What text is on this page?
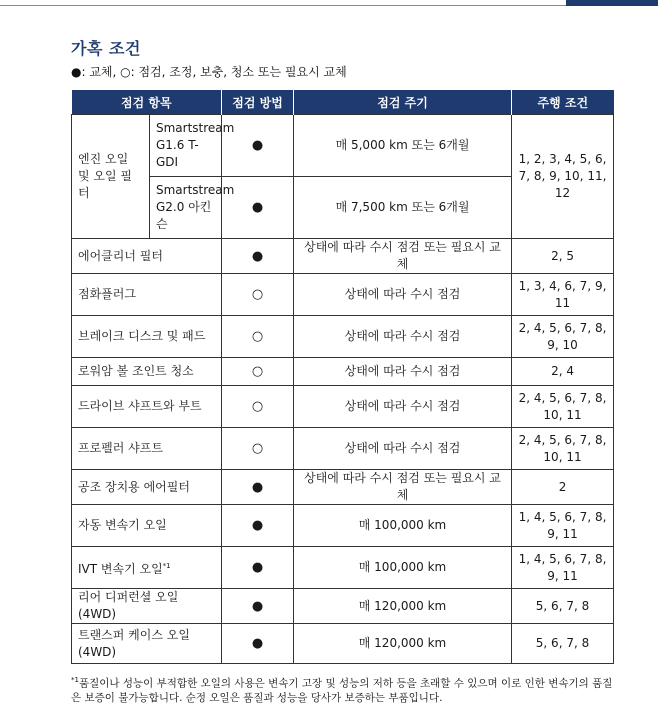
가혹 조건
●: 교체, ○: 점검, 조정, 보충, 청소 또는 필요시 교체
점검 항목		점검 방법	점검 주기	주행 조건
엔진 오일 및 오일 필터	Smartstream G1.6 T-GDI	●	매 5,000 km 또는 6개월	1, 2, 3, 4, 5, 6, 7, 8, 9, 10, 11, 12
	Smartstream G2.0 아킨슨	●	매 7,500 km 또는 6개월	
에어클리너 필터		●	상태에 따라 수시 점검 또는 필요시 교체	2, 5
점화플러그		○	상태에 따라 수시 점검	1, 3, 4, 6, 7, 9, 11
브레이크 디스크 및 패드		○	상태에 따라 수시 점검	2, 4, 5, 6, 7, 8, 9, 10
로워암 볼 조인트 청소		○	상태에 따라 수시 점검	2, 4
드라이브 샤프트와 부트		○	상태에 따라 수시 점검	2, 4, 5, 6, 7, 8, 10, 11
프로펠러 샤프트		○	상태에 따라 수시 점검	2, 4, 5, 6, 7, 8, 10, 11
공조 장치용 에어필터		●	상태에 따라 수시 점검 또는 필요시 교체	2
자동 변속기 오일		●	매 100,000 km	1, 4, 5, 6, 7, 8, 9, 11
IVT 변속기 오일$^{*1}$		●	매 100,000 km	1, 4, 5, 6, 7, 8, 9, 11
리어 디퍼런셜 오일(4WD)		●	매 120,000 km	5, 6, 7, 8
트랜스퍼 케이스 오일 (4WD)		●	매 120,000 km	5, 6, 7, 8
$^{*1}$품질이나 성능이 부적합한 오일의 사용은 변속기 고장 및 성능의 저하 등을 초래할 수 있으며 이로 인한 변속기의 품질은 보증이 불가능합니다. 순정 오일은 품질과 성능을 당사가 보증하는 부품입니다.
